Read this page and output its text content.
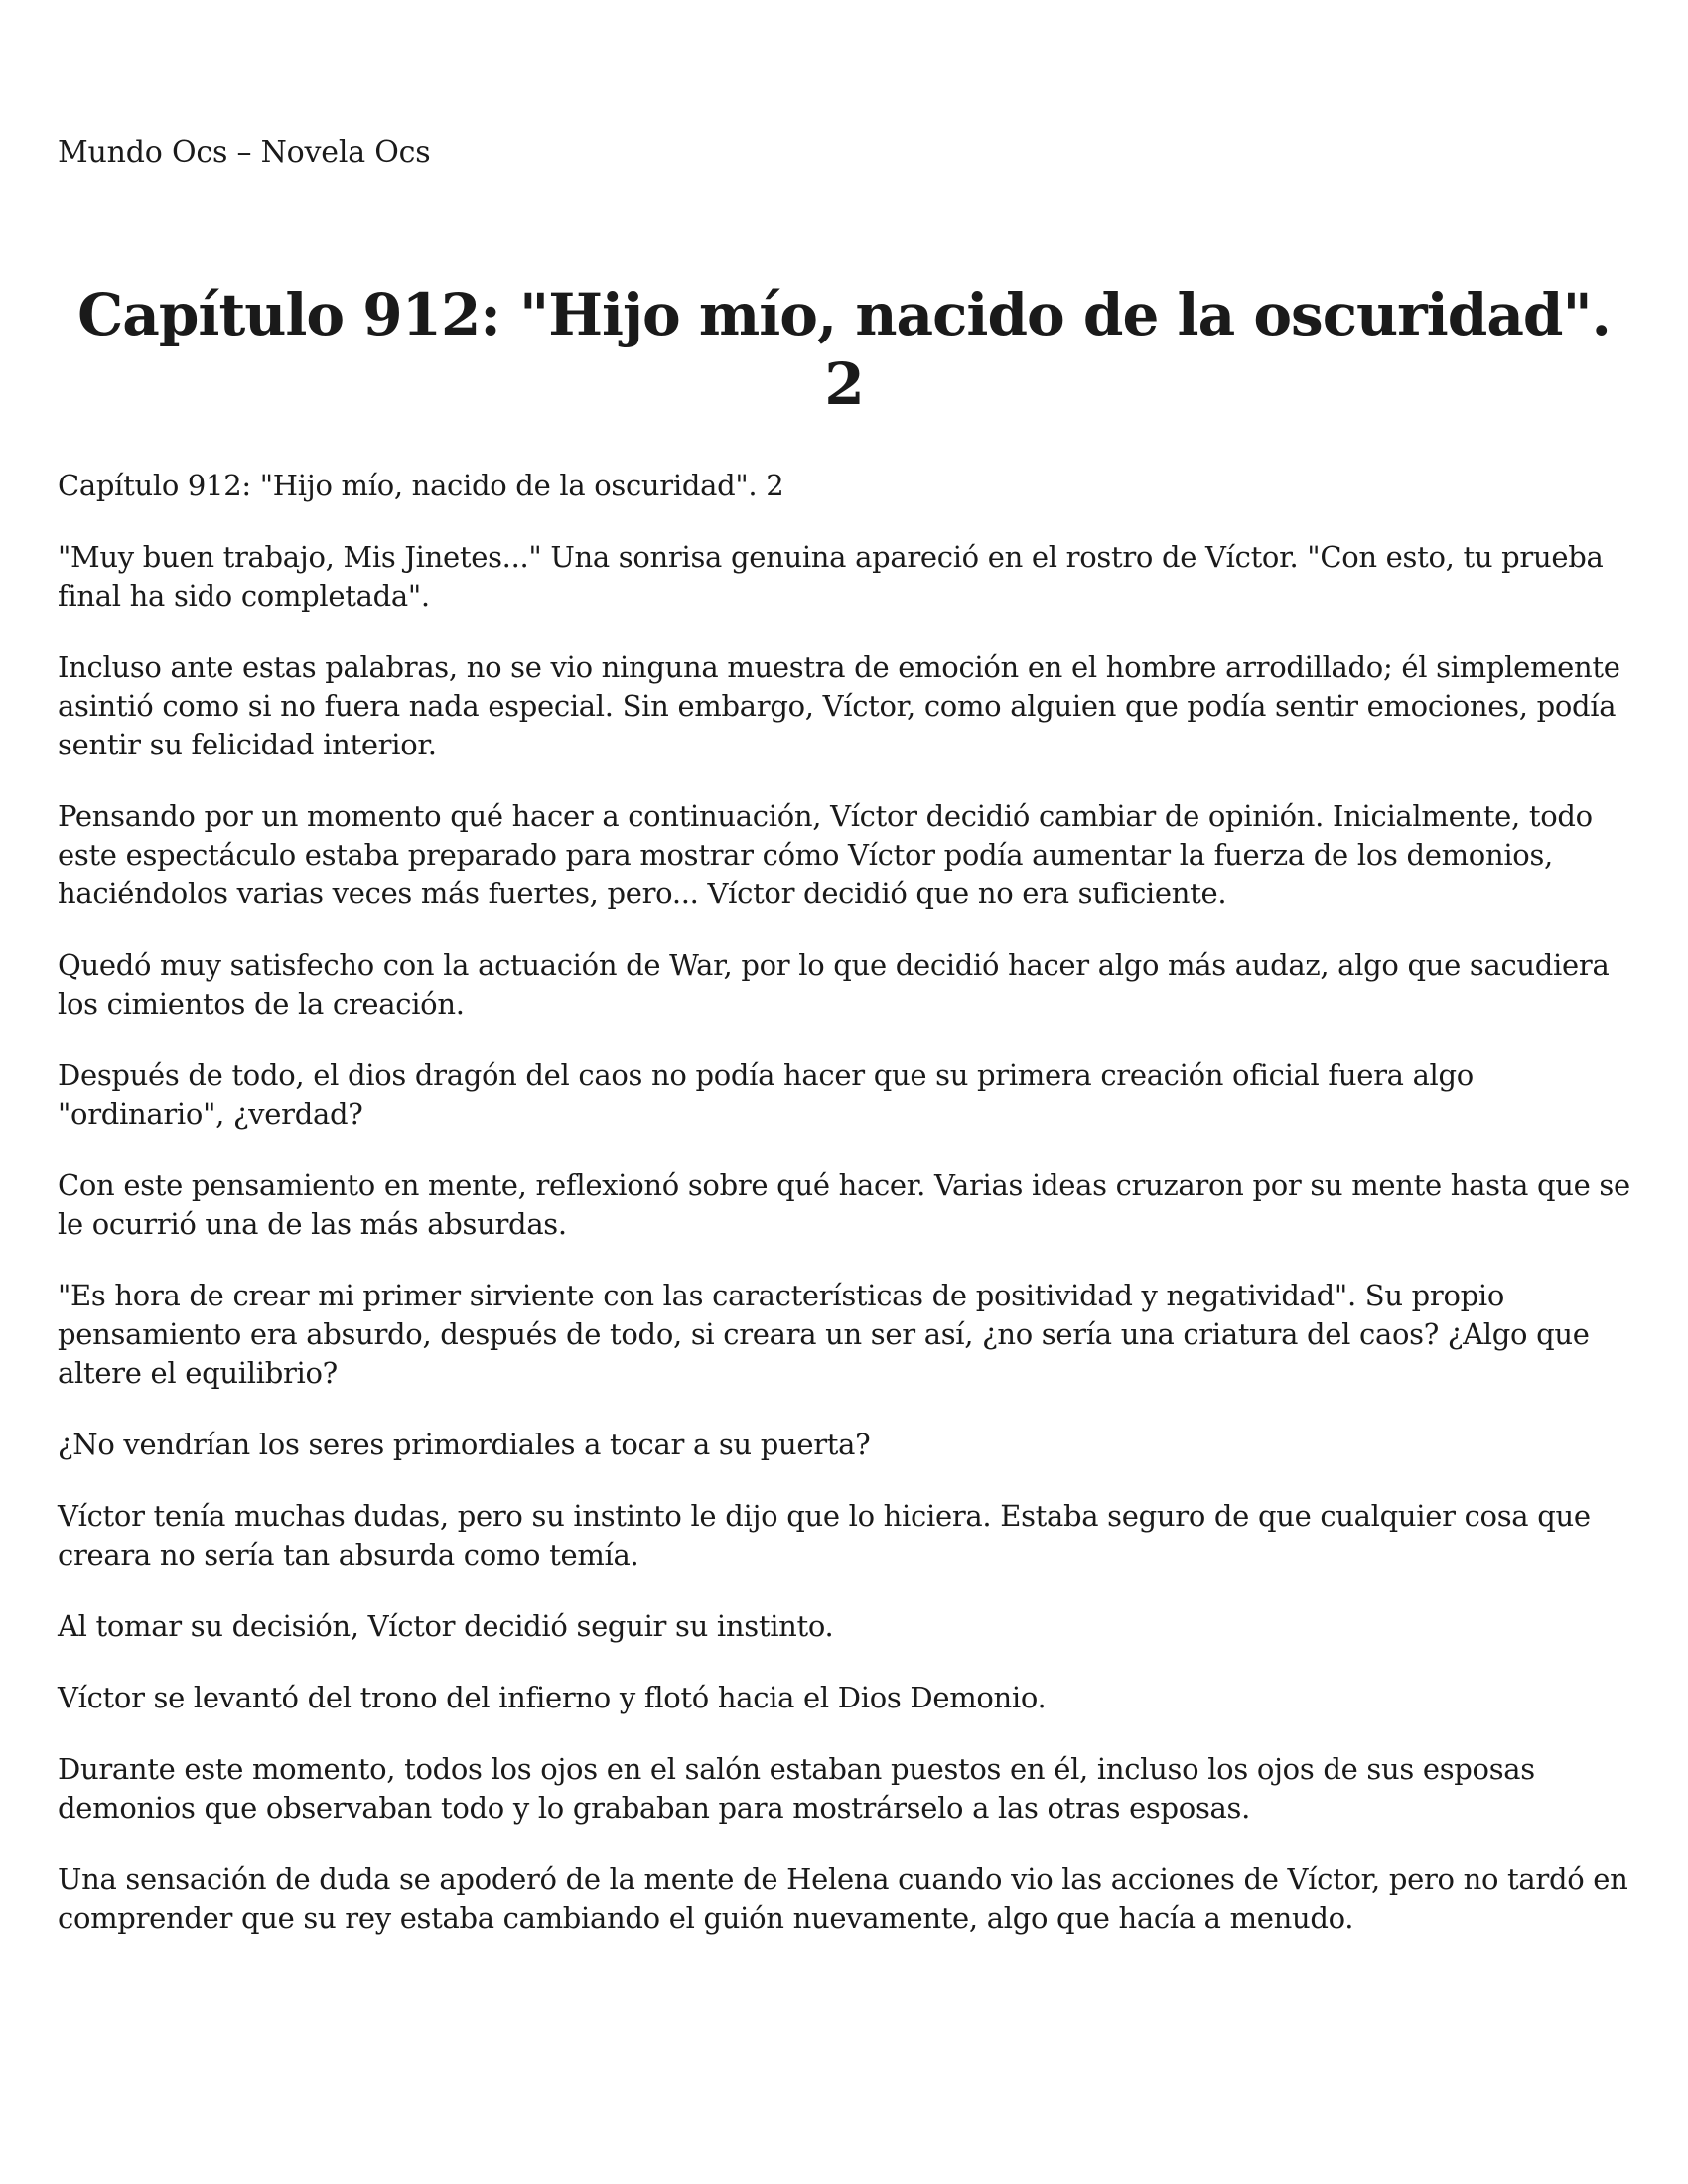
Mundo Ocs – Novela Ocs
Capítulo 912: "Hijo mío, nacido de la oscuridad". 2

Capítulo 912: "Hijo mío, nacido de la oscuridad". 2

"Muy buen trabajo, Mis Jinetes..." Una sonrisa genuina apareció en el rostro de Víctor. "Con esto, tu prueba final ha sido completada".

Incluso ante estas palabras, no se vio ninguna muestra de emoción en el hombre arrodillado; él simplemente asintió como si no fuera nada especial. Sin embargo, Víctor, como alguien que podía sentir emociones, podía sentir su felicidad interior.

Pensando por un momento qué hacer a continuación, Víctor decidió cambiar de opinión. Inicialmente, todo este espectáculo estaba preparado para mostrar cómo Víctor podía aumentar la fuerza de los demonios, haciéndolos varias veces más fuertes, pero... Víctor decidió que no era suficiente.

Quedó muy satisfecho con la actuación de War, por lo que decidió hacer algo más audaz, algo que sacudiera los cimientos de la creación.

Después de todo, el dios dragón del caos no podía hacer que su primera creación oficial fuera algo "ordinario", ¿verdad?

Con este pensamiento en mente, reflexionó sobre qué hacer. Varias ideas cruzaron por su mente hasta que se le ocurrió una de las más absurdas.

"Es hora de crear mi primer sirviente con las características de positividad y negatividad". Su propio pensamiento era absurdo, después de todo, si creara un ser así, ¿no sería una criatura del caos? ¿Algo que altere el equilibrio?

¿No vendrían los seres primordiales a tocar a su puerta?

Víctor tenía muchas dudas, pero su instinto le dijo que lo hiciera. Estaba seguro de que cualquier cosa que creara no sería tan absurda como temía.

Al tomar su decisión, Víctor decidió seguir su instinto.

Víctor se levantó del trono del infierno y flotó hacia el Dios Demonio.

Durante este momento, todos los ojos en el salón estaban puestos en él, incluso los ojos de sus esposas demonios que observaban todo y lo grababan para mostrárselo a las otras esposas.

Una sensación de duda se apoderó de la mente de Helena cuando vio las acciones de Víctor, pero no tardó en comprender que su rey estaba cambiando el guión nuevamente, algo que hacía a menudo.
